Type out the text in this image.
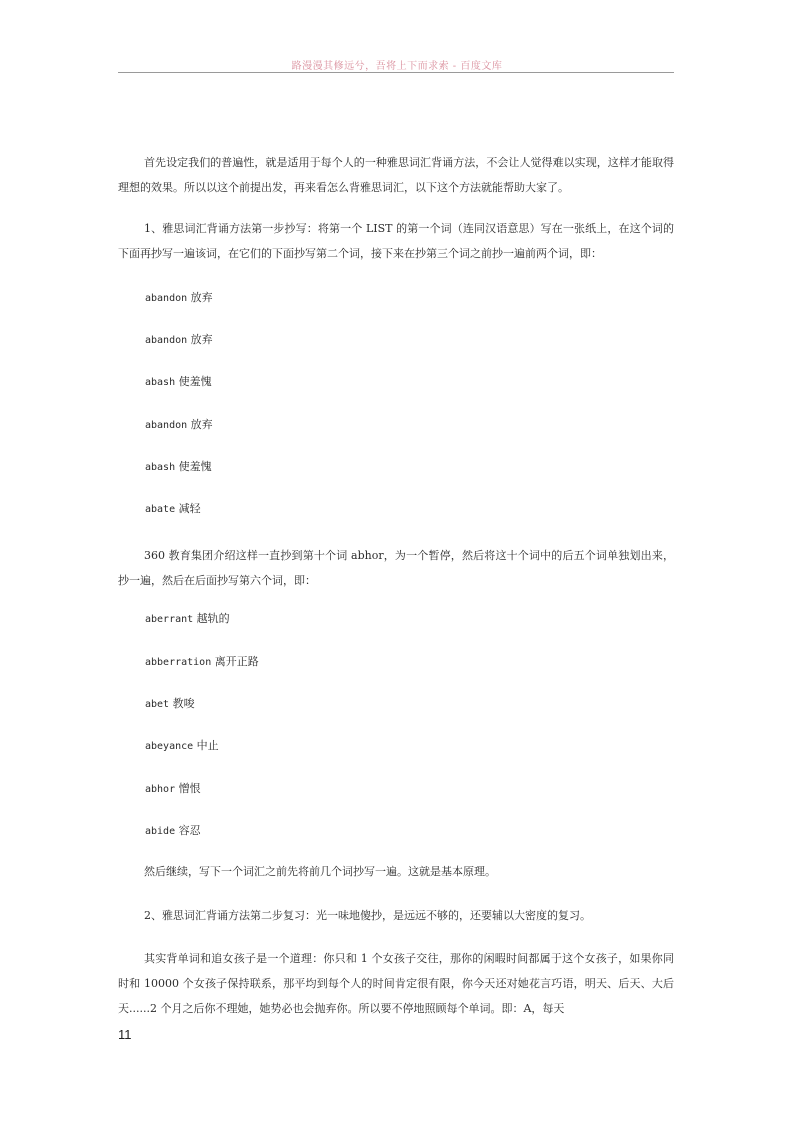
路漫漫其修远兮，吾将上下而求索 - 百度文库

首先设定我们的普遍性，就是适用于每个人的一种雅思词汇背诵方法，不会让人觉得难以实现，这样才能取得理想的效果。所以以这个前提出发，再来看怎么背雅思词汇，以下这个方法就能帮助大家了。

1、雅思词汇背诵方法第一步抄写：将第一个 LIST 的第一个词（连同汉语意思）写在一张纸上，在这个词的下面再抄写一遍该词，在它们的下面抄写第二个词，接下来在抄第三个词之前抄一遍前两个词，即：

abandon 放弃
abandon 放弃
abash 使羞愧
abandon 放弃
abash 使羞愧
abate 减轻

360 教育集团介绍这样一直抄到第十个词 abhor，为一个暂停，然后将这十个词中的后五个词单独划出来，抄一遍，然后在后面抄写第六个词，即：

aberrant 越轨的
abberration 离开正路
abet 教唆
abeyance 中止
abhor 憎恨
abide 容忍

然后继续，写下一个词汇之前先将前几个词抄写一遍。这就是基本原理。

2、雅思词汇背诵方法第二步复习：光一味地傻抄，是远远不够的，还要辅以大密度的复习。

其实背单词和追女孩子是一个道理：你只和 1 个女孩子交往，那你的闲暇时间都属于这个女孩子，如果你同时和 10000 个女孩子保持联系，那平均到每个人的时间肯定很有限，你今天还对她花言巧语，明天、后天、大后天......2 个月之后你不理她，她势必也会抛弃你。所以要不停地照顾每个单词。即：A，每天

11
